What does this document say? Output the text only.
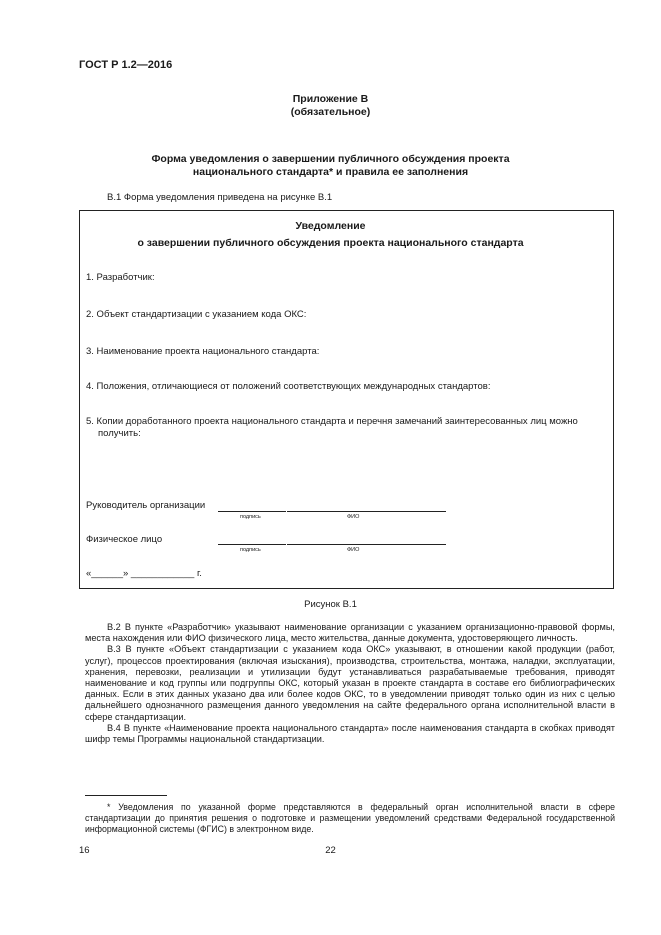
ГОСТ Р 1.2—2016
Приложение В
(обязательное)
Форма уведомления о завершении публичного обсуждения проекта
национального стандарта* и правила ее заполнения
В.1 Форма уведомления приведена на рисунке В.1
Уведомление
о завершении публичного обсуждения проекта национального стандарта
1. Разработчик:
2. Объект стандартизации с указанием кода ОКС:
3. Наименование проекта национального стандарта:
4. Положения, отличающиеся от положений соответствующих международных стандартов:
5. Копии доработанного проекта национального стандарта и перечня замечаний заинтересованных лиц можно
получить:
Руководитель организации
подпись	ФИО
Физическое лицо
подпись	ФИО
«______» ____________ г.
Рисунок В.1

В.2 В пункте «Разработчик» указывают наименование организации с указанием организационно-правовой формы, места нахождения или ФИО физического лица, место жительства, данные документа, удостоверяющего личность.

В.3 В пункте «Объект стандартизации с указанием кода ОКС» указывают, в отношении какой продукции (работ, услуг), процессов проектирования (включая изыскания), производства, строительства, монтажа, наладки, эксплуатации, хранения, перевозки, реализации и утилизации будут устанавливаться разрабатываемые требования, приводят наименование и код группы или подгруппы ОКС, который указан в проекте стандарта в составе его библиографических данных. Если в этих данных указано два или более кодов ОКС, то в уведомлении приводят только один из них с целью дальнейшего однозначного размещения данного уведомления на сайте федерального органа исполнительной власти в сфере стандартизации.

В.4 В пункте «Наименование проекта национального стандарта» после наименования стандарта в скобках приводят шифр темы Программы национальной стандартизации.

* Уведомления по указанной форме представляются в федеральный орган исполнительной власти в сфере стандартизации до принятия решения о подготовке и размещении уведомлений средствами Федеральной государственной информационной системы (ФГИС) в электронном виде.

16	22
